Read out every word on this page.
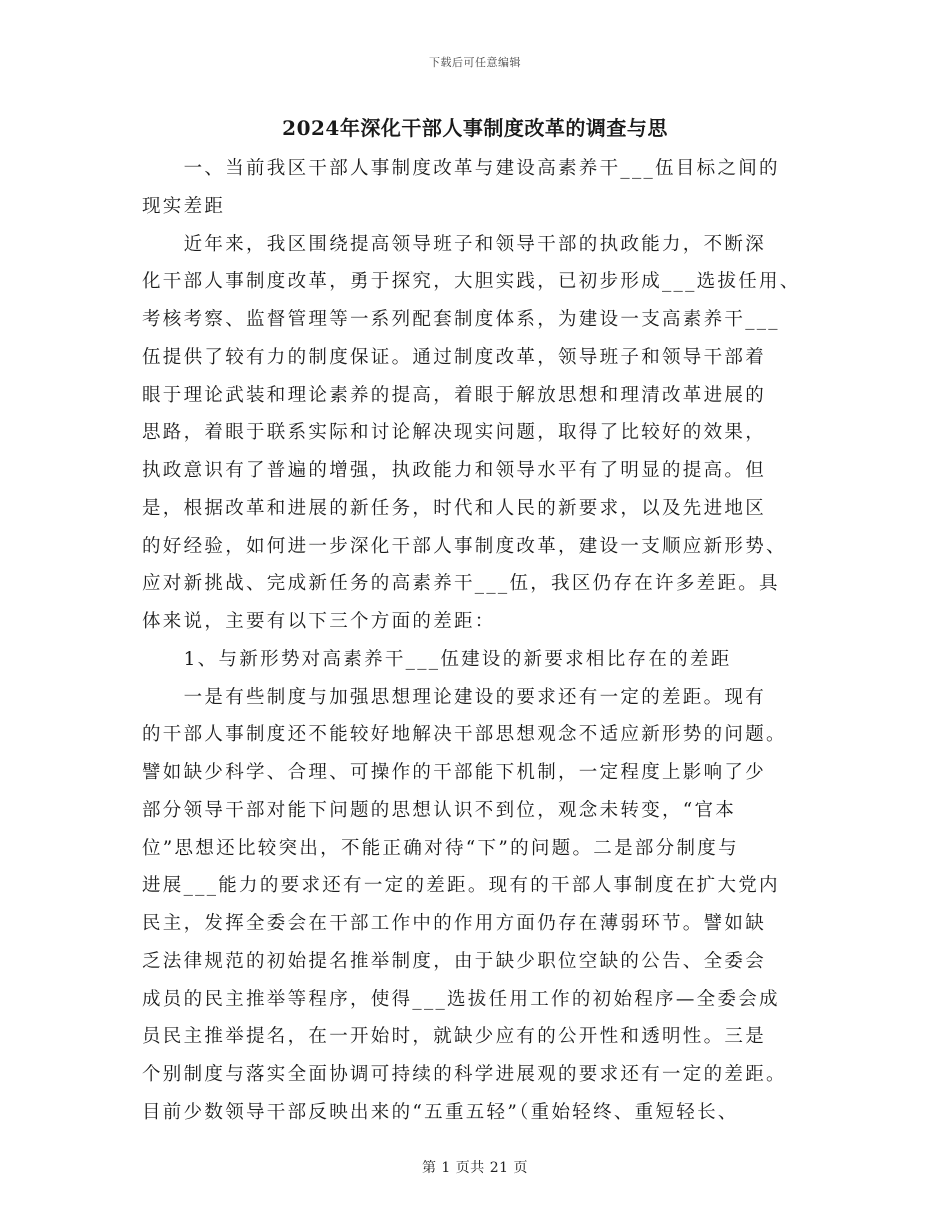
下载后可任意编辑
2024年深化干部人事制度改革的调查与思
　　一、当前我区干部人事制度改革与建设高素养干___伍目标之间的
现实差距
　　近年来，我区围绕提高领导班子和领导干部的执政能力，不断深
化干部人事制度改革，勇于探究，大胆实践，已初步形成___选拔任用、
考核考察、监督管理等一系列配套制度体系，为建设一支高素养干___
伍提供了较有力的制度保证。通过制度改革，领导班子和领导干部着
眼于理论武装和理论素养的提高，着眼于解放思想和理清改革进展的
思路，着眼于联系实际和讨论解决现实问题，取得了比较好的效果，
执政意识有了普遍的增强，执政能力和领导水平有了明显的提高。但
是，根据改革和进展的新任务，时代和人民的新要求，以及先进地区
的好经验，如何进一步深化干部人事制度改革，建设一支顺应新形势、
应对新挑战、完成新任务的高素养干___伍，我区仍存在许多差距。具
体来说，主要有以下三个方面的差距：
　　1、与新形势对高素养干___伍建设的新要求相比存在的差距
　　一是有些制度与加强思想理论建设的要求还有一定的差距。现有
的干部人事制度还不能较好地解决干部思想观念不适应新形势的问题。
譬如缺少科学、合理、可操作的干部能下机制，一定程度上影响了少
部分领导干部对能下问题的思想认识不到位，观念未转变，“官本
位”思想还比较突出，不能正确对待“下”的问题。二是部分制度与
进展___能力的要求还有一定的差距。现有的干部人事制度在扩大党内
民主，发挥全委会在干部工作中的作用方面仍存在薄弱环节。譬如缺
乏法律规范的初始提名推举制度，由于缺少职位空缺的公告、全委会
成员的民主推举等程序，使得___选拔任用工作的初始程序—全委会成
员民主推举提名，在一开始时，就缺少应有的公开性和透明性。三是
个别制度与落实全面协调可持续的科学进展观的要求还有一定的差距。
目前少数领导干部反映出来的“五重五轻”（重始轻终、重短轻长、
第 1 页共 21 页
